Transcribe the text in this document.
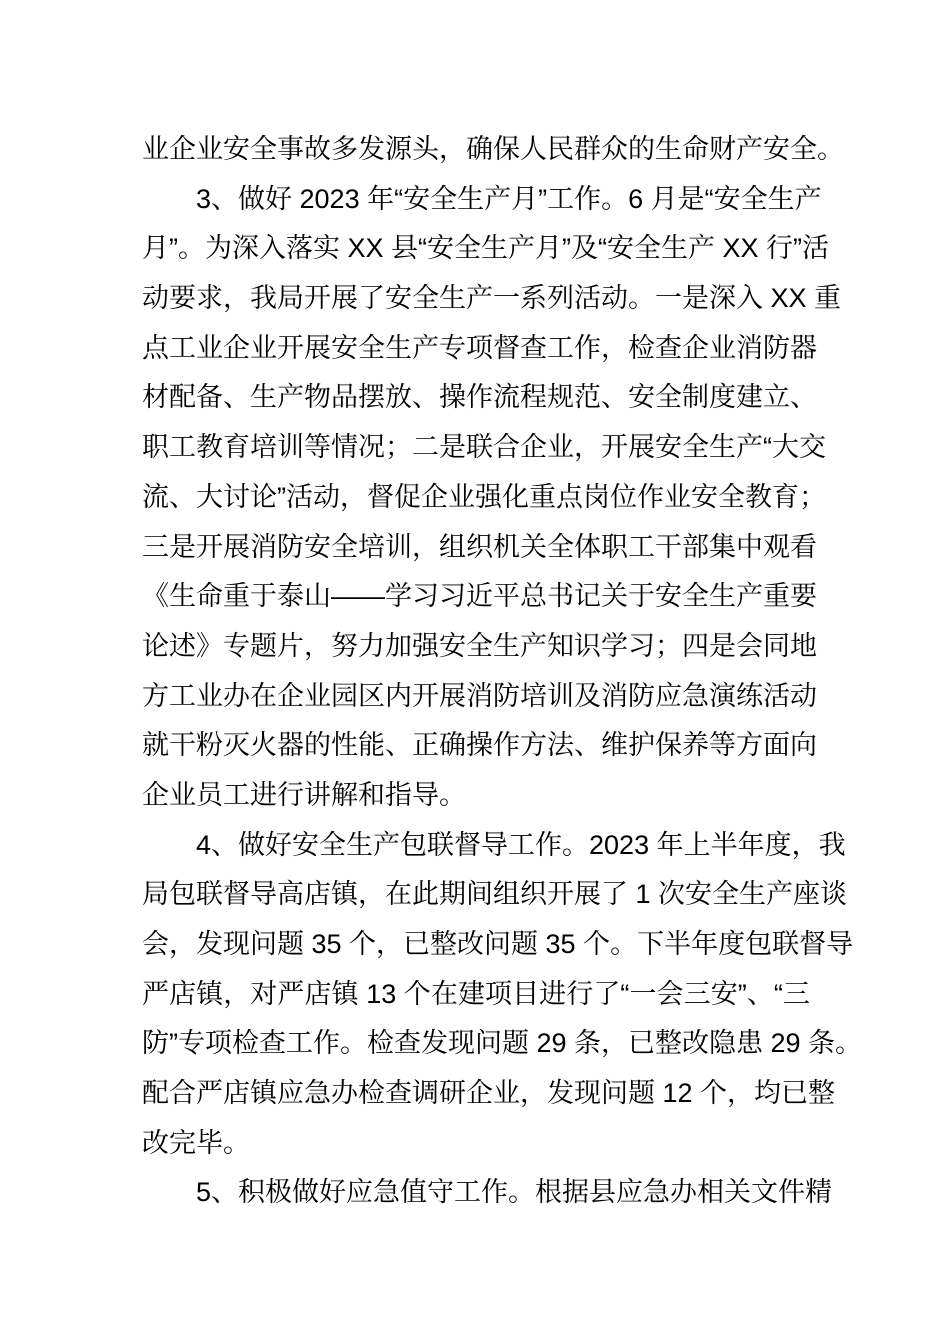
业企业安全事故多发源头，确保人民群众的生命财产安全。
3、做好 2023 年“安全生产月”工作。6 月是“安全生产
月”。为深入落实 XX 县“安全生产月”及“安全生产 XX 行”活
动要求，我局开展了安全生产一系列活动。一是深入 XX 重
点工业企业开展安全生产专项督查工作，检查企业消防器
材配备、生产物品摆放、操作流程规范、安全制度建立、
职工教育培训等情况；二是联合企业，开展安全生产“大交
流、大讨论”活动，督促企业强化重点岗位作业安全教育；
三是开展消防安全培训，组织机关全体职工干部集中观看
《生命重于泰山——学习习近平总书记关于安全生产重要
论述》专题片，努力加强安全生产知识学习；四是会同地
方工业办在企业园区内开展消防培训及消防应急演练活动
就干粉灭火器的性能、正确操作方法、维护保养等方面向
企业员工进行讲解和指导。
4、做好安全生产包联督导工作。2023 年上半年度，我
局包联督导高店镇，在此期间组织开展了 1 次安全生产座谈
会，发现问题 35 个，已整改问题 35 个。下半年度包联督导
严店镇，对严店镇 13 个在建项目进行了“一会三安”、“三
防”专项检查工作。检查发现问题 29 条，已整改隐患 29 条。
配合严店镇应急办检查调研企业，发现问题 12 个，均已整
改完毕。
5、积极做好应急值守工作。根据县应急办相关文件精
